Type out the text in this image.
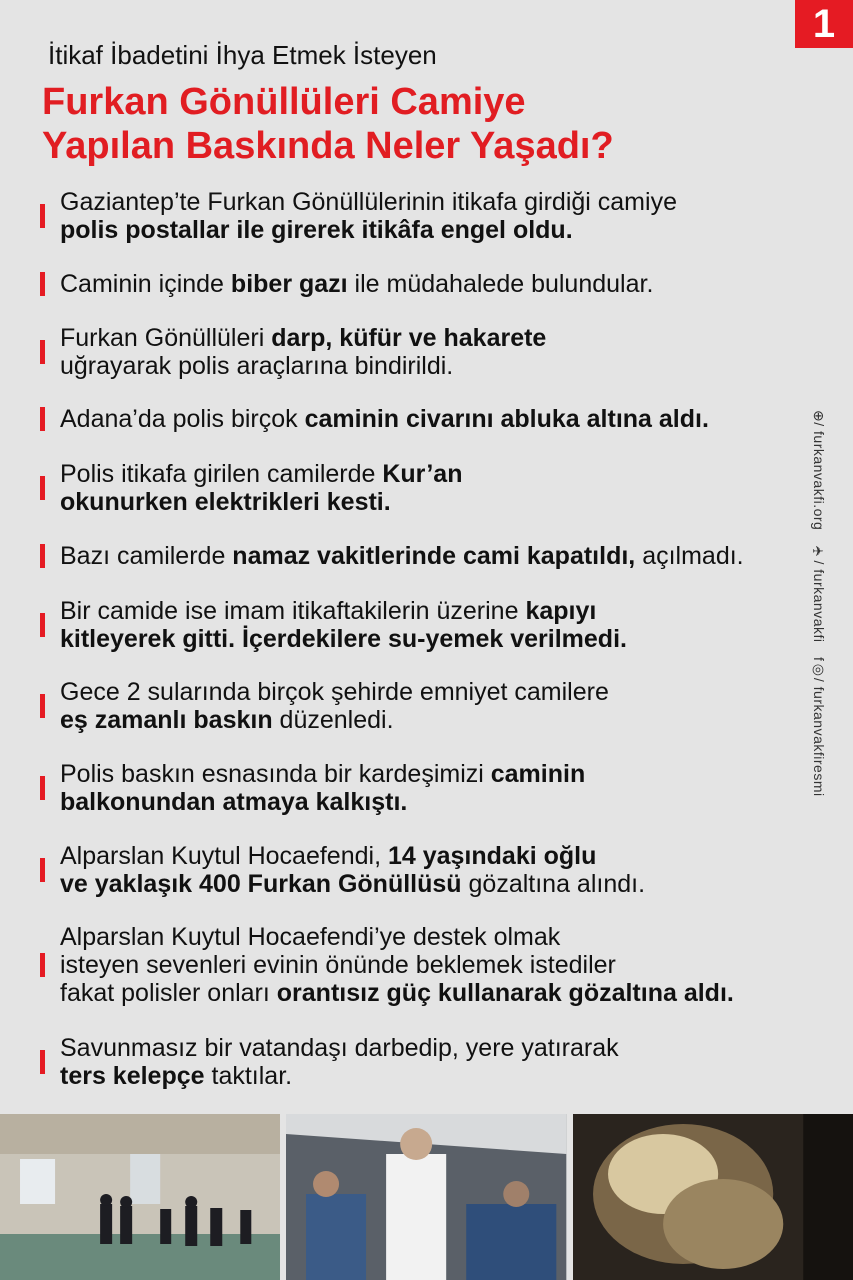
1
İtikaf İbadetini İhya Etmek İsteyen
Furkan Gönüllüleri Camiye
Yapılan Baskında Neler Yaşadı?
Gaziantep’te Furkan Gönüllülerinin itikafa girdiği camiye
polis postallar ile girerek itikâfa engel oldu.
Caminin içinde biber gazı ile müdahalede bulundular.
Furkan Gönüllüleri darp, küfür ve hakarete
uğrayarak polis araçlarına bindirildi.
Adana’da polis birçok caminin civarını abluka altına aldı.
Polis itikafa girilen camilerde Kur’an
okunurken elektrikleri kesti.
Bazı camilerde namaz vakitlerinde cami kapatıldı, açılmadı.
Bir camide ise imam itikaftakilerin üzerine kapıyı
kitleyerek gitti. İçerdekilere su-yemek verilmedi.
Gece 2 sularında birçok şehirde emniyet camilere
eş zamanlı baskın düzenledi.
Polis baskın esnasında bir kardeşimizi caminin
balkonundan atmaya kalkıştı.
Alparslan Kuytul Hocaefendi, 14 yaşındaki oğlu
ve yaklaşık 400 Furkan Gönüllüsü gözaltına alındı.
Alparslan Kuytul Hocaefendi’ye destek olmak
isteyen sevenleri evinin önünde beklemek istediler
fakat polisler onları orantısız güç kullanarak gözaltına aldı.
Savunmasız bir vatandaşı darbedip, yere yatırarak
ters kelepçe taktılar.
⊕/ furkanvakfi.org
✈/ furkanvakfi
f◎/ furkanvakfiresmi
